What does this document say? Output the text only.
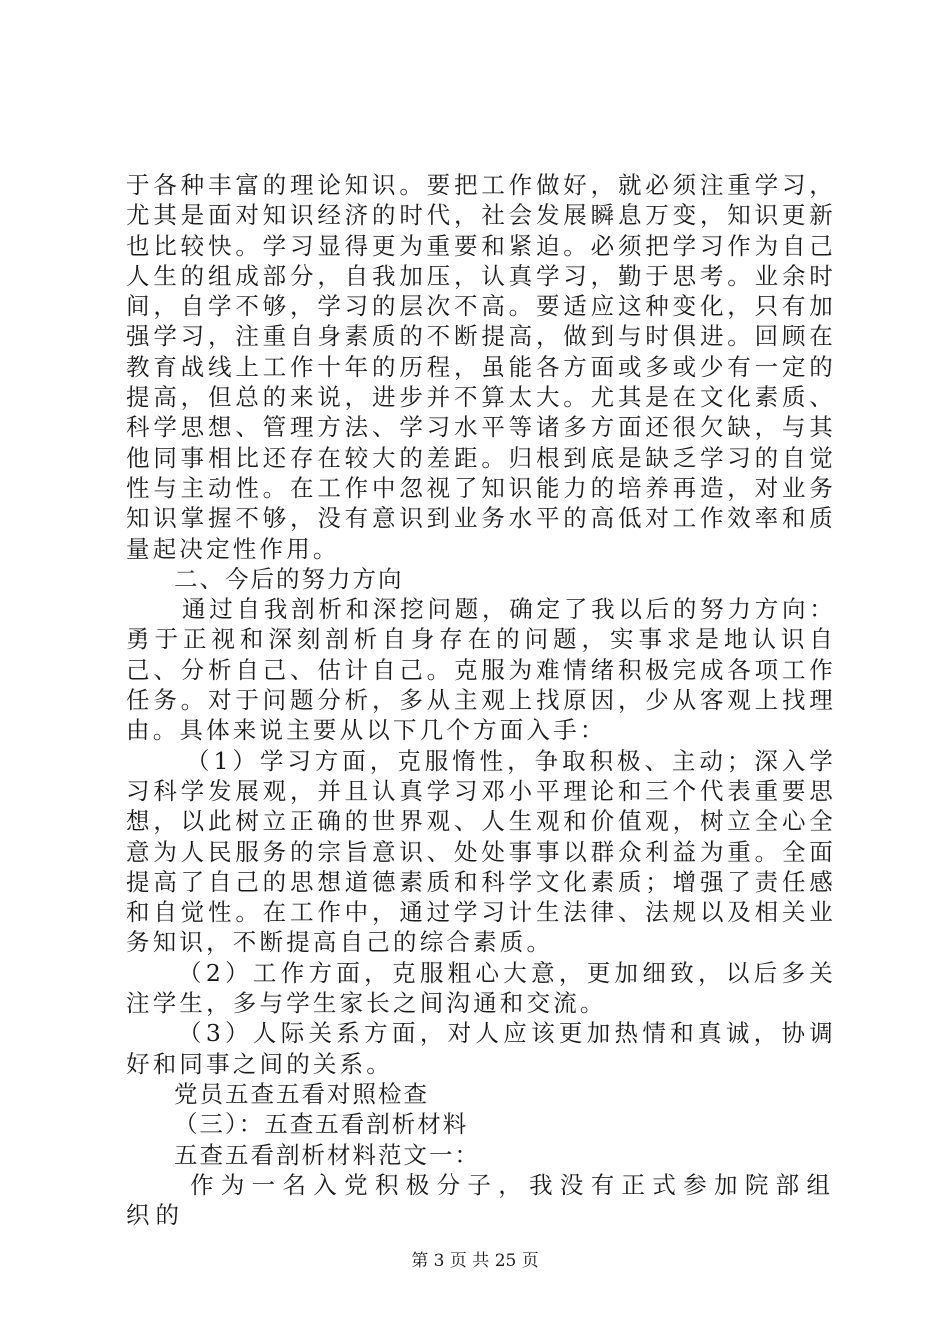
于各种丰富的理论知识。要把工作做好，就必须注重学习，尤其是面对知识经济的时代，社会发展瞬息万变，知识更新也比较快。学习显得更为重要和紧迫。必须把学习作为自己人生的组成部分，自我加压，认真学习，勤于思考。业余时间，自学不够，学习的层次不高。要适应这种变化，只有加强学习，注重自身素质的不断提高，做到与时俱进。回顾在教育战线上工作十年的历程，虽能各方面或多或少有一定的提高，但总的来说，进步并不算太大。尤其是在文化素质、科学思想、管理方法、学习水平等诸多方面还很欠缺，与其他同事相比还存在较大的差距。归根到底是缺乏学习的自觉性与主动性。在工作中忽视了知识能力的培养再造，对业务知识掌握不够，没有意识到业务水平的高低对工作效率和质量起决定性作用。

二、今后的努力方向

通过自我剖析和深挖问题，确定了我以后的努力方向：勇于正视和深刻剖析自身存在的问题，实事求是地认识自己、分析自己、估计自己。克服为难情绪积极完成各项工作任务。对于问题分析，多从主观上找原因，少从客观上找理由。具体来说主要从以下几个方面入手：

（1）学习方面，克服惰性，争取积极、主动；深入学习科学发展观，并且认真学习邓小平理论和三个代表重要思想，以此树立正确的世界观、人生观和价值观，树立全心全意为人民服务的宗旨意识、处处事事以群众利益为重。全面提高了自己的思想道德素质和科学文化素质；增强了责任感和自觉性。在工作中，通过学习计生法律、法规以及相关业务知识，不断提高自己的综合素质。

（2）工作方面，克服粗心大意，更加细致，以后多关注学生，多与学生家长之间沟通和交流。

（3）人际关系方面，对人应该更加热情和真诚，协调好和同事之间的关系。

党员五查五看对照检查

（三）：五查五看剖析材料

五查五看剖析材料范文一：

作为一名入党积极分子，我没有正式参加院部组织的

第 3 页 共 25 页
